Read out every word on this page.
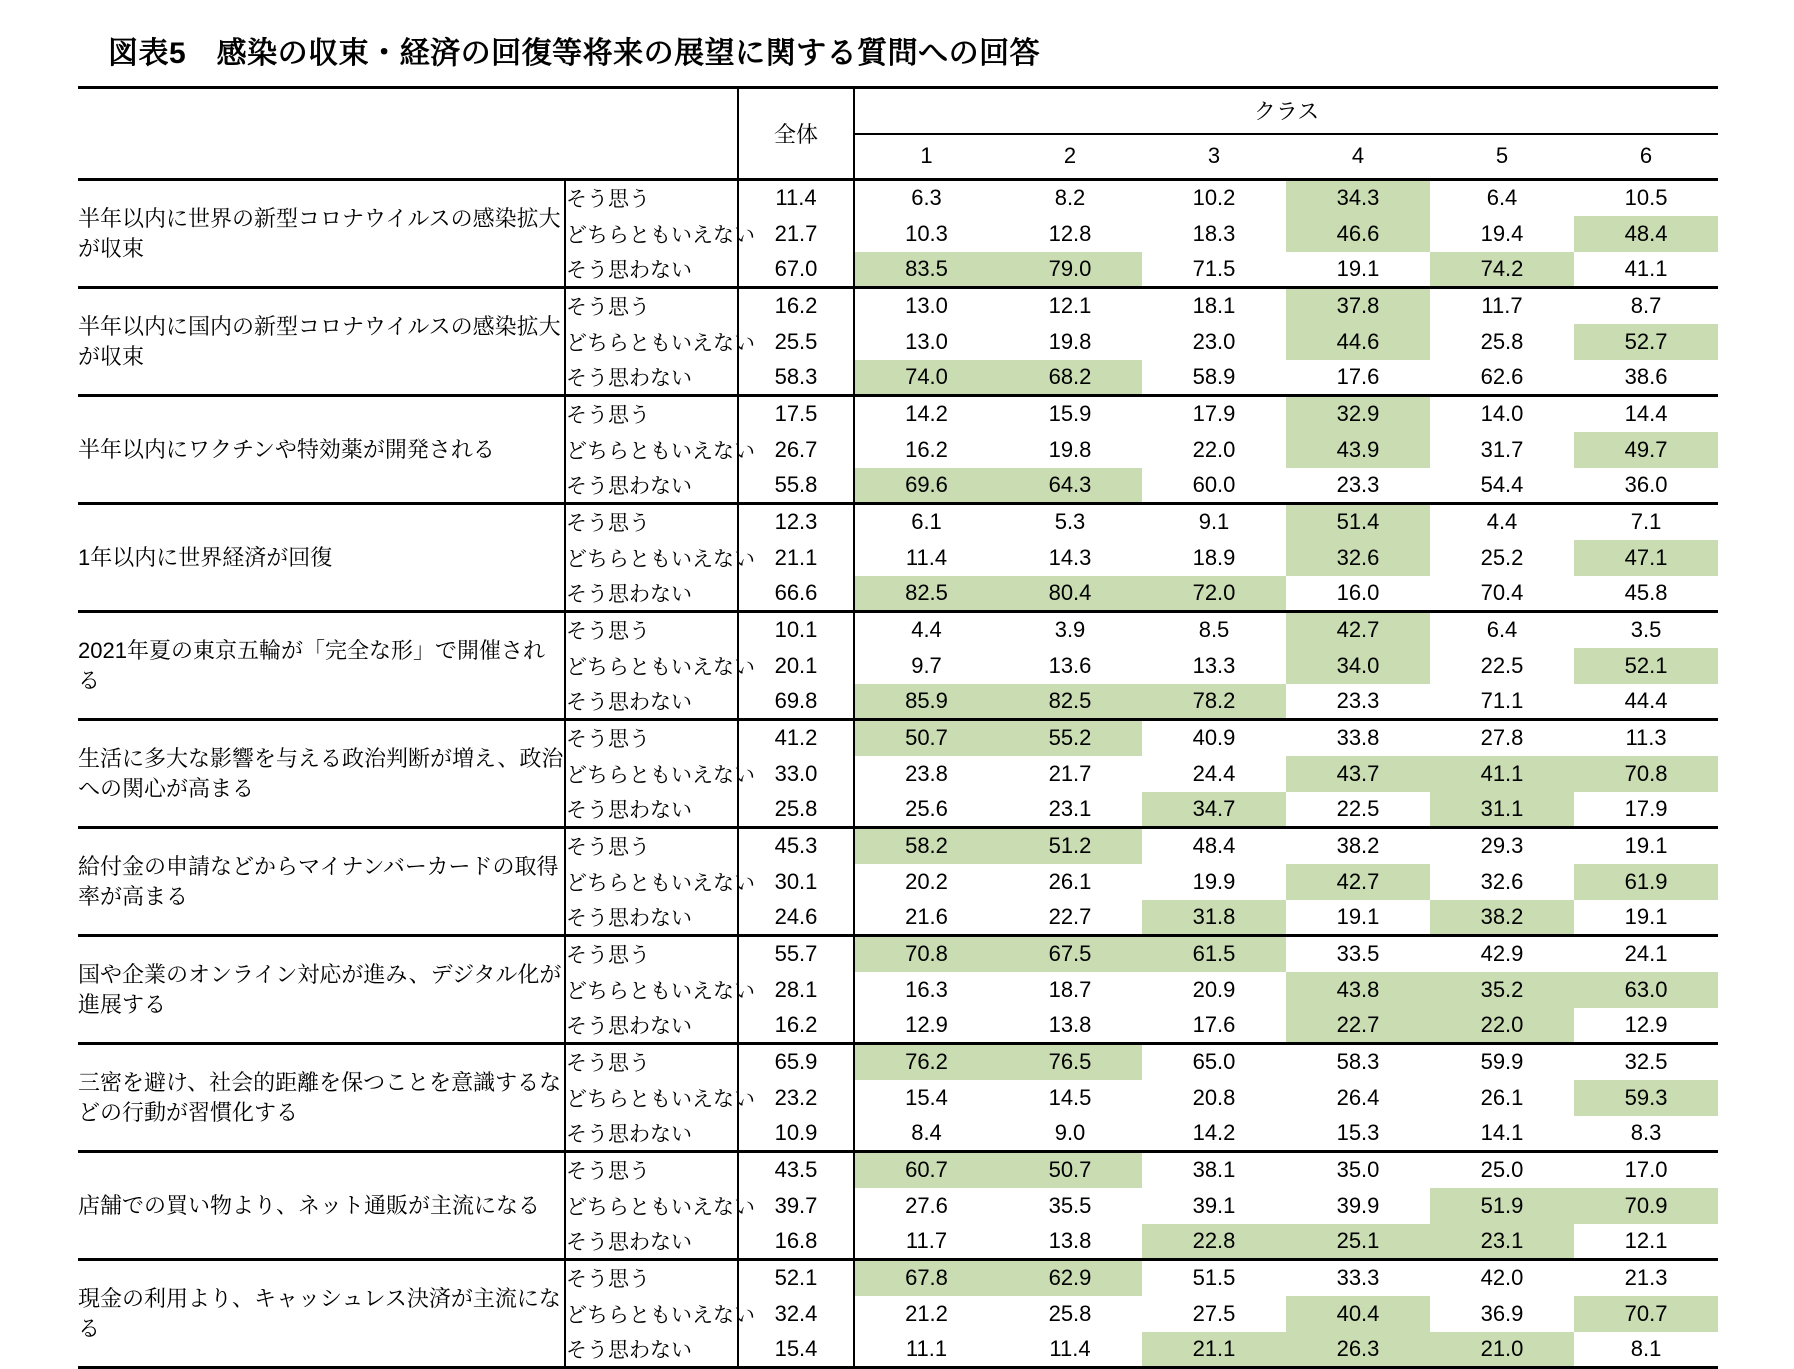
図表5　感染の収束・経済の回復等将来の展望に関する質問への回答
		全体	クラス					
			1	2	3	4	5	6
半年以内に世界の新型コロナウイルスの感染拡大が収束	そう思う	11.4	6.3	8.2	10.2	34.3	6.4	10.5
	どちらともいえない	21.7	10.3	12.8	18.3	46.6	19.4	48.4
	そう思わない	67.0	83.5	79.0	71.5	19.1	74.2	41.1
半年以内に国内の新型コロナウイルスの感染拡大が収束	そう思う	16.2	13.0	12.1	18.1	37.8	11.7	8.7
	どちらともいえない	25.5	13.0	19.8	23.0	44.6	25.8	52.7
	そう思わない	58.3	74.0	68.2	58.9	17.6	62.6	38.6
半年以内にワクチンや特効薬が開発される	そう思う	17.5	14.2	15.9	17.9	32.9	14.0	14.4
	どちらともいえない	26.7	16.2	19.8	22.0	43.9	31.7	49.7
	そう思わない	55.8	69.6	64.3	60.0	23.3	54.4	36.0
1年以内に世界経済が回復	そう思う	12.3	6.1	5.3	9.1	51.4	4.4	7.1
	どちらともいえない	21.1	11.4	14.3	18.9	32.6	25.2	47.1
	そう思わない	66.6	82.5	80.4	72.0	16.0	70.4	45.8
2021年夏の東京五輪が「完全な形」で開催される	そう思う	10.1	4.4	3.9	8.5	42.7	6.4	3.5
	どちらともいえない	20.1	9.7	13.6	13.3	34.0	22.5	52.1
	そう思わない	69.8	85.9	82.5	78.2	23.3	71.1	44.4
生活に多大な影響を与える政治判断が増え、政治への関心が高まる	そう思う	41.2	50.7	55.2	40.9	33.8	27.8	11.3
	どちらともいえない	33.0	23.8	21.7	24.4	43.7	41.1	70.8
	そう思わない	25.8	25.6	23.1	34.7	22.5	31.1	17.9
給付金の申請などからマイナンバーカードの取得率が高まる	そう思う	45.3	58.2	51.2	48.4	38.2	29.3	19.1
	どちらともいえない	30.1	20.2	26.1	19.9	42.7	32.6	61.9
	そう思わない	24.6	21.6	22.7	31.8	19.1	38.2	19.1
国や企業のオンライン対応が進み、デジタル化が進展する	そう思う	55.7	70.8	67.5	61.5	33.5	42.9	24.1
	どちらともいえない	28.1	16.3	18.7	20.9	43.8	35.2	63.0
	そう思わない	16.2	12.9	13.8	17.6	22.7	22.0	12.9
三密を避け、社会的距離を保つことを意識するなどの行動が習慣化する	そう思う	65.9	76.2	76.5	65.0	58.3	59.9	32.5
	どちらともいえない	23.2	15.4	14.5	20.8	26.4	26.1	59.3
	そう思わない	10.9	8.4	9.0	14.2	15.3	14.1	8.3
店舗での買い物より、ネット通販が主流になる	そう思う	43.5	60.7	50.7	38.1	35.0	25.0	17.0
	どちらともいえない	39.7	27.6	35.5	39.1	39.9	51.9	70.9
	そう思わない	16.8	11.7	13.8	22.8	25.1	23.1	12.1
現金の利用より、キャッシュレス決済が主流になる	そう思う	52.1	67.8	62.9	51.5	33.3	42.0	21.3
	どちらともいえない	32.4	21.2	25.8	27.5	40.4	36.9	70.7
	そう思わない	15.4	11.1	11.4	21.1	26.3	21.0	8.1
